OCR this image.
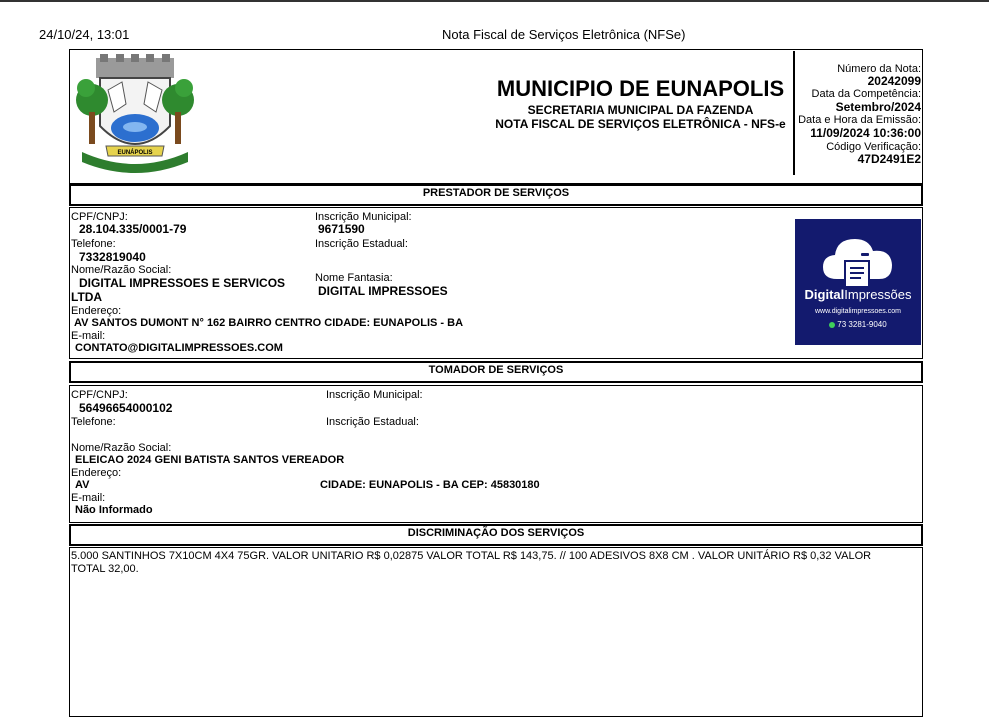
24/10/24, 13:01	Nota Fiscal de Serviços Eletrônica (NFSe)
EUNÁPOLIS
MUNICIPIO DE EUNAPOLIS
SECRETARIA MUNICIPAL DA FAZENDA
NOTA FISCAL DE SERVIÇOS ELETRÔNICA - NFS-e
Número da Nota:
20242099
Data da Competência:
Setembro/2024
Data e Hora da Emissão:
11/09/2024 10:36:00
Código Verificação:
47D2491E2
PRESTADOR DE SERVIÇOS
CPF/CNPJ:
28.104.335/0001-79
Inscrição Municipal:
9671590
Telefone:
7332819040
Inscrição Estadual:
Nome/Razão Social:
DIGITAL IMPRESSOES E SERVICOS
LTDA
Nome Fantasia:
DIGITAL IMPRESSOES
Endereço:
AV SANTOS DUMONT N° 162 BAIRRO CENTRO CIDADE: EUNAPOLIS - BA
E-mail:
CONTATO@DIGITALIMPRESSOES.COM
DigitalImpressões
www.digitalimpressoes.com
73 3281-9040
TOMADOR DE SERVIÇOS
CPF/CNPJ:
56496654000102
Inscrição Municipal:
Telefone:	Inscrição Estadual:
Nome/Razão Social:
ELEICAO 2024 GENI BATISTA SANTOS VEREADOR
Endereço:
AV	CIDADE: EUNAPOLIS - BA CEP: 45830180
E-mail:
Não Informado
DISCRIMINAÇÃO DOS SERVIÇOS
5.000 SANTINHOS 7X10CM 4X4 75GR. VALOR UNITARIO R$ 0,02875 VALOR TOTAL R$ 143,75. // 100 ADESIVOS 8X8 CM . VALOR UNITÁRIO R$ 0,32 VALOR
TOTAL 32,00.
